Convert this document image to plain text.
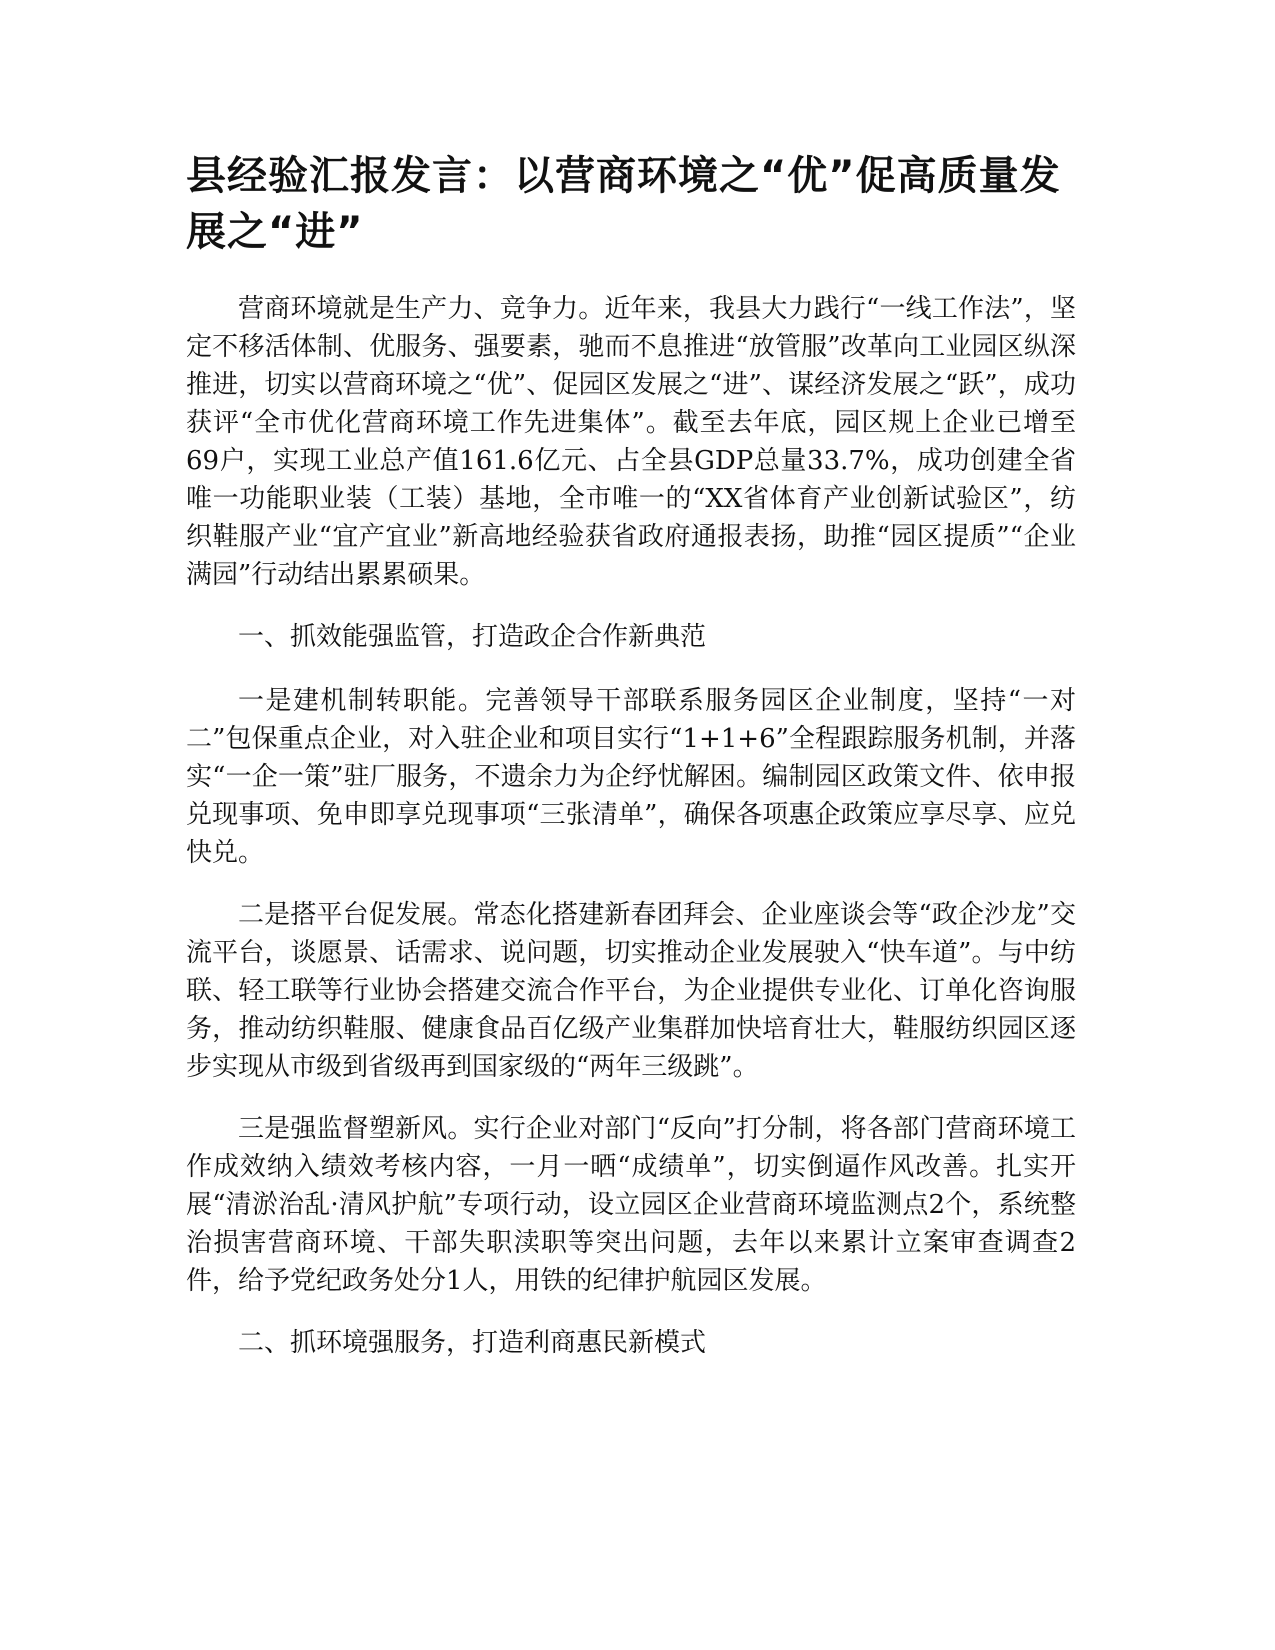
县经验汇报发言：以营商环境之“优”促高质量发展之“进”

营商环境就是生产力、竞争力。近年来，我县大力践行“一线工作法”，坚定不移活体制、优服务、强要素，驰而不息推进“放管服”改革向工业园区纵深推进，切实以营商环境之“优”、促园区发展之“进”、谋经济发展之“跃”，成功获评“全市优化营商环境工作先进集体”。截至去年底，园区规上企业已增至69户，实现工业总产值161.6亿元、占全县GDP总量33.7%，成功创建全省唯一功能职业装（工装）基地，全市唯一的“XX省体育产业创新试验区”，纺织鞋服产业“宜产宜业”新高地经验获省政府通报表扬，助推“园区提质”“企业满园”行动结出累累硕果。

一、抓效能强监管，打造政企合作新典范

一是建机制转职能。完善领导干部联系服务园区企业制度，坚持“一对二”包保重点企业，对入驻企业和项目实行“1+1+6”全程跟踪服务机制，并落实“一企一策”驻厂服务，不遗余力为企纾忧解困。编制园区政策文件、依申报兑现事项、免申即享兑现事项“三张清单”，确保各项惠企政策应享尽享、应兑快兑。

二是搭平台促发展。常态化搭建新春团拜会、企业座谈会等“政企沙龙”交流平台，谈愿景、话需求、说问题，切实推动企业发展驶入“快车道”。与中纺联、轻工联等行业协会搭建交流合作平台，为企业提供专业化、订单化咨询服务，推动纺织鞋服、健康食品百亿级产业集群加快培育壮大，鞋服纺织园区逐步实现从市级到省级再到国家级的“两年三级跳”。

三是强监督塑新风。实行企业对部门“反向”打分制，将各部门营商环境工作成效纳入绩效考核内容，一月一晒“成绩单”，切实倒逼作风改善。扎实开展“清淤治乱·清风护航”专项行动，设立园区企业营商环境监测点2个，系统整治损害营商环境、干部失职渎职等突出问题，去年以来累计立案审查调查2件，给予党纪政务处分1人，用铁的纪律护航园区发展。

二、抓环境强服务，打造利商惠民新模式
